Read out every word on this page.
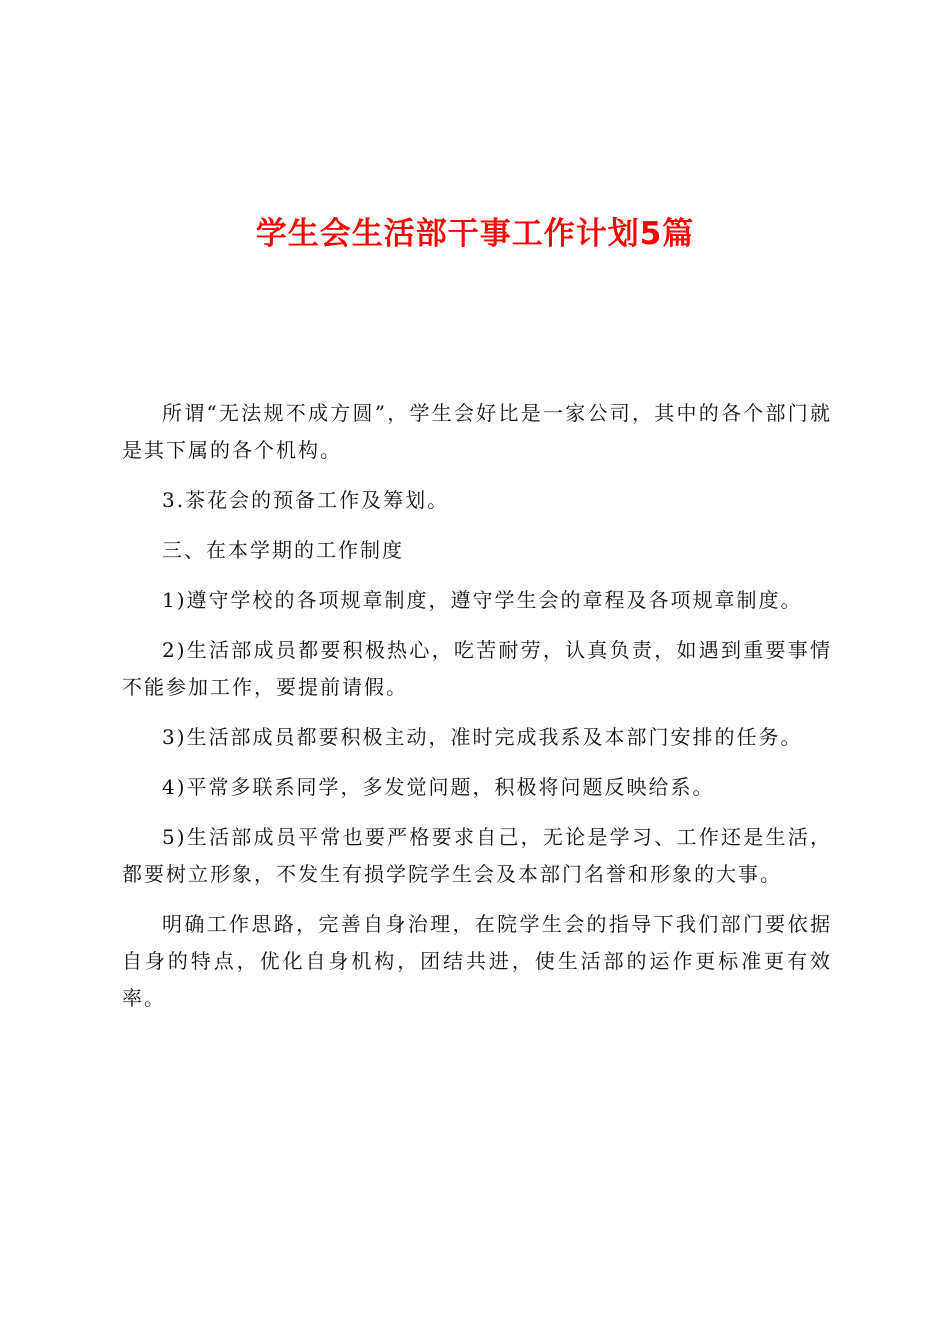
学生会生活部干事工作计划5篇

所谓“无法规不成方圆”，学生会好比是一家公司，其中的各个部门就是其下属的各个机构。

3.茶花会的预备工作及筹划。

三、在本学期的工作制度

1)遵守学校的各项规章制度，遵守学生会的章程及各项规章制度。

2)生活部成员都要积极热心，吃苦耐劳，认真负责，如遇到重要事情不能参加工作，要提前请假。

3)生活部成员都要积极主动，准时完成我系及本部门安排的任务。

4)平常多联系同学，多发觉问题，积极将问题反映给系。

5)生活部成员平常也要严格要求自己，无论是学习、工作还是生活，都要树立形象，不发生有损学院学生会及本部门名誉和形象的大事。

明确工作思路，完善自身治理，在院学生会的指导下我们部门要依据自身的特点，优化自身机构，团结共进，使生活部的运作更标准更有效率。
